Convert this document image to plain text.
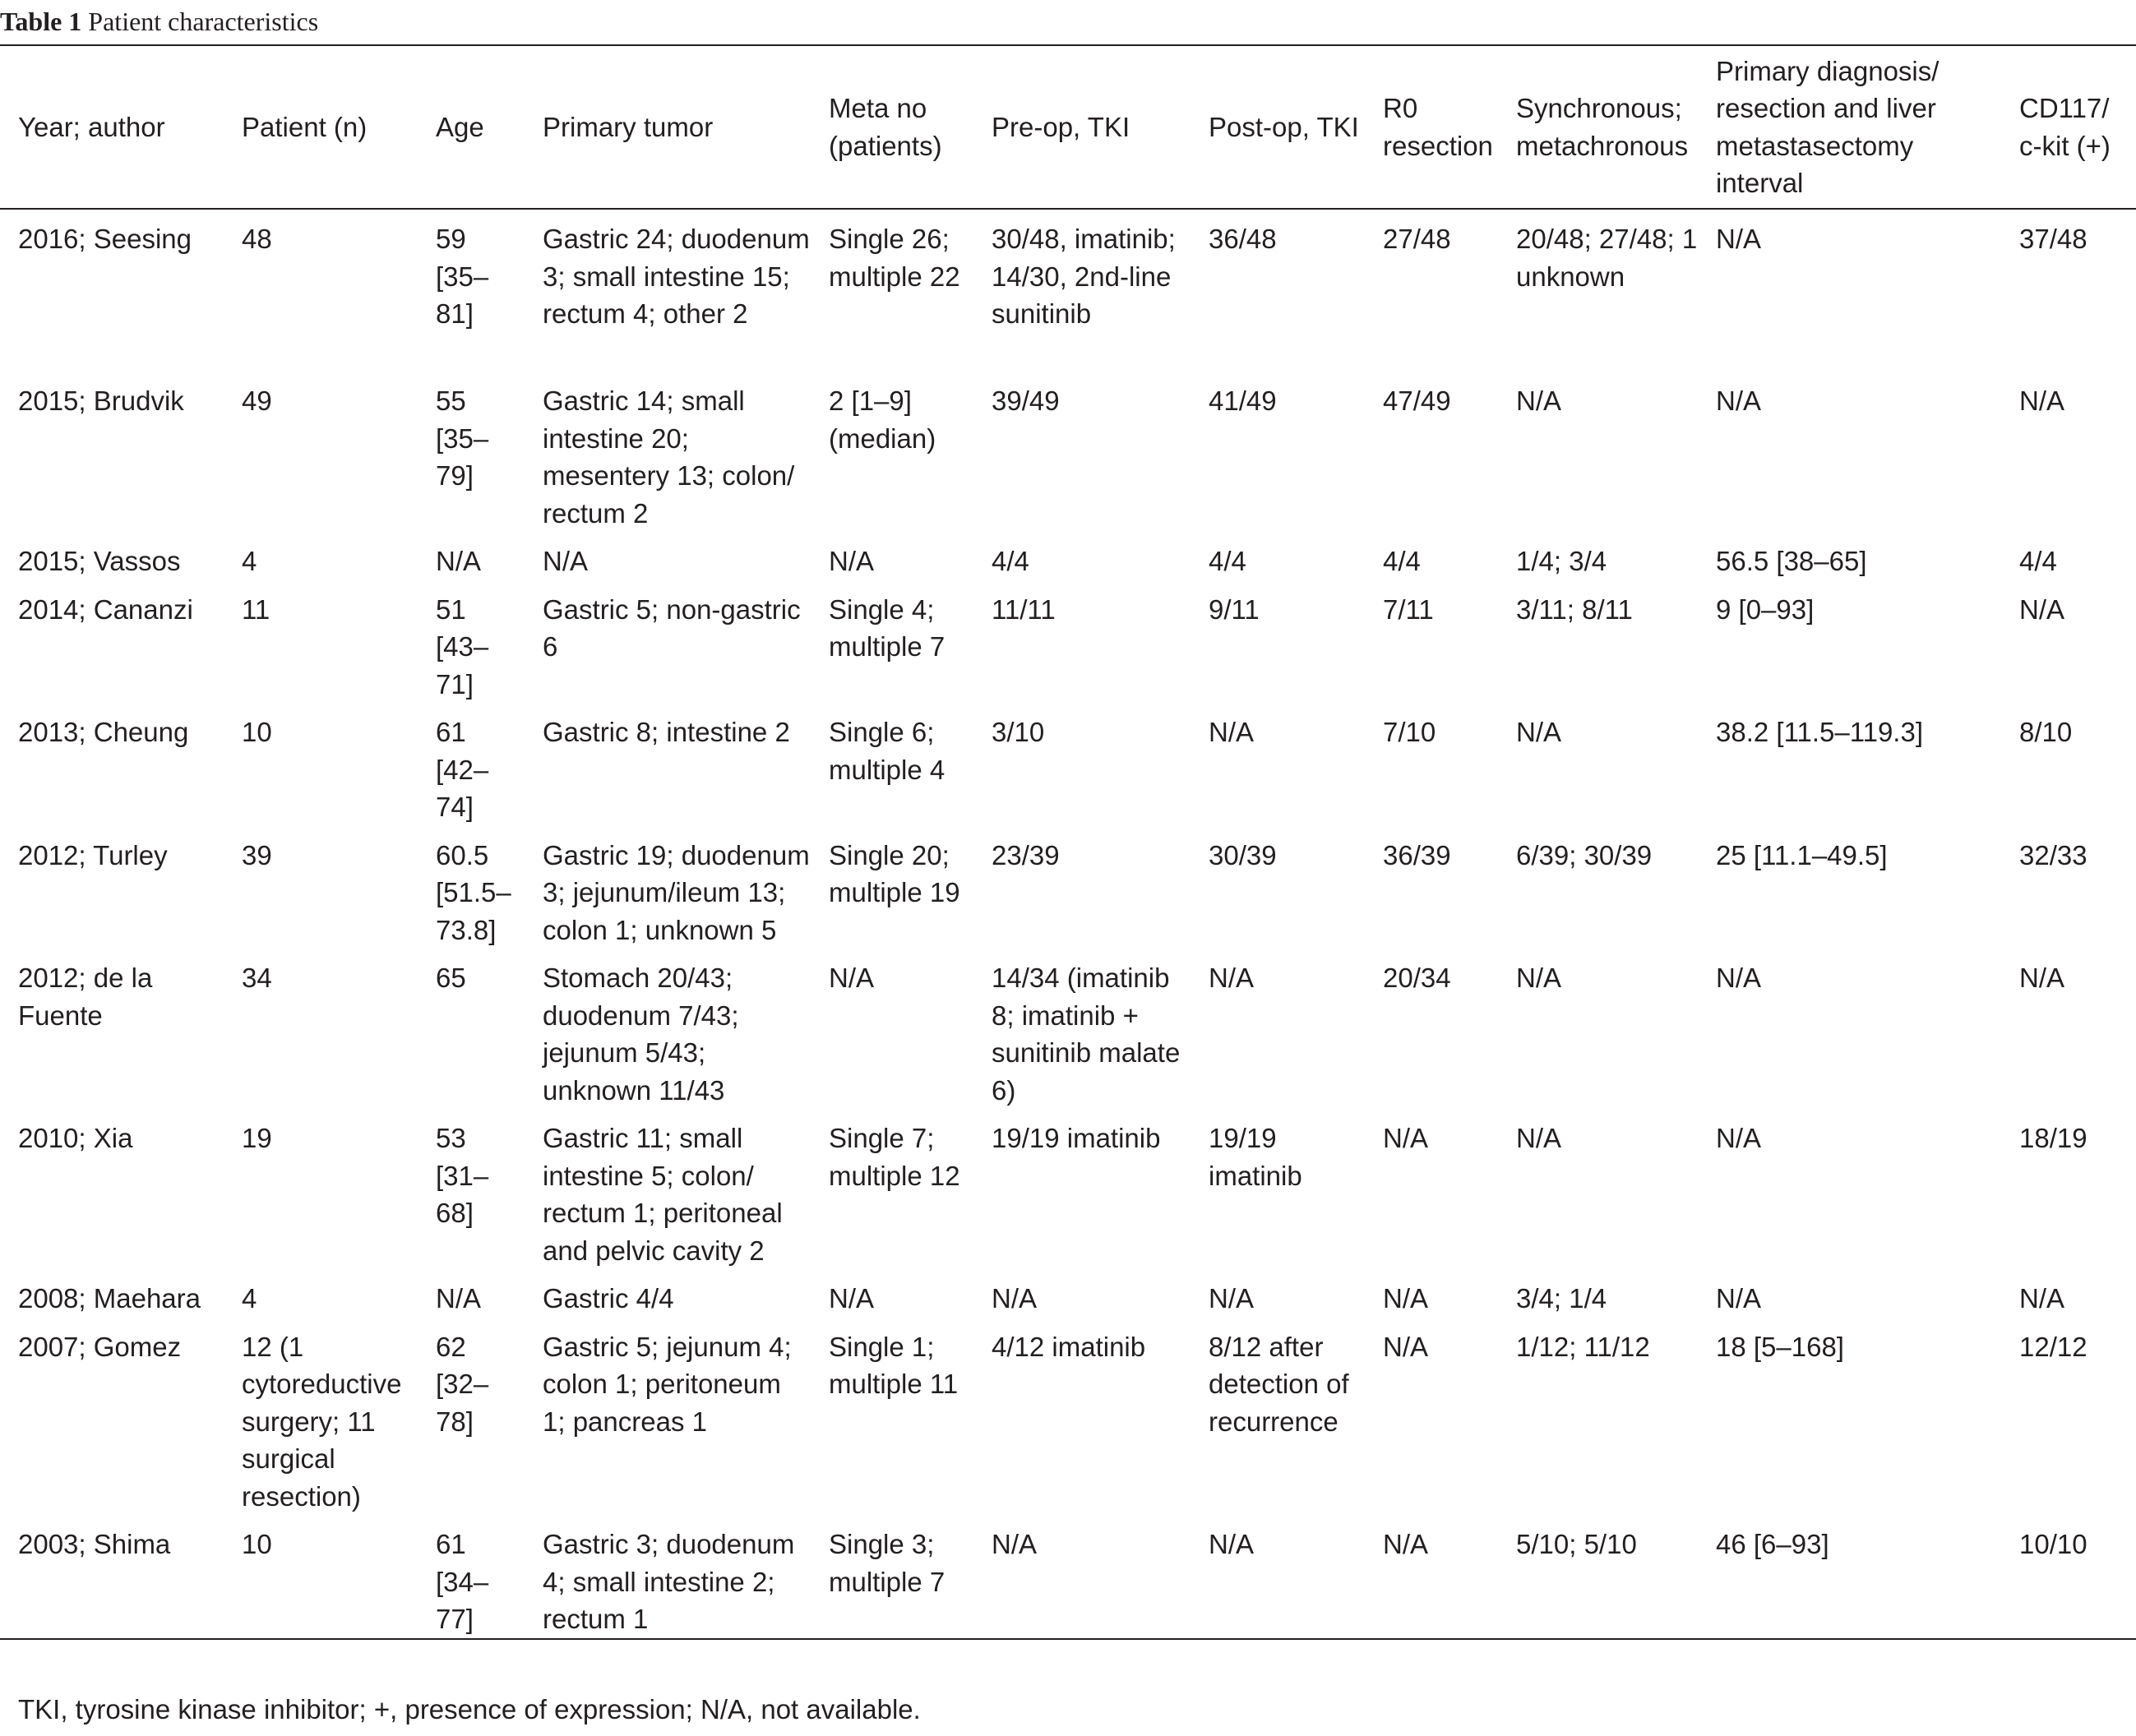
Table 1 Patient characteristics
Year; author	Patient (n)	Age	Primary tumor	Meta no (patients)	Pre-op, TKI	Post-op, TKI	R0 resection	Synchronous; metachronous	Primary diagnosis/ resection and liver metastasectomy interval	CD117/ c-kit (+)
2016; Seesing	48	59 [35–81]	Gastric 24; duodenum 3; small intestine 15; rectum 4; other 2	Single 26; multiple 22	30/48, imatinib; 14/30, 2nd-line sunitinib	36/48	27/48	20/48; 27/48; 1 unknown	N/A	37/48
2015; Brudvik	49	55 [35–79]	Gastric 14; small intestine 20; mesentery 13; colon/ rectum 2	2 [1–9] (median)	39/49	41/49	47/49	N/A	N/A	N/A
2015; Vassos	4	N/A	N/A	N/A	4/4	4/4	4/4	1/4; 3/4	56.5 [38–65]	4/4
2014; Cananzi	11	51 [43–71]	Gastric 5; non-gastric 6	Single 4; multiple 7	11/11	9/11	7/11	3/11; 8/11	9 [0–93]	N/A
2013; Cheung	10	61 [42–74]	Gastric 8; intestine 2	Single 6; multiple 4	3/10	N/A	7/10	N/A	38.2 [11.5–119.3]	8/10
2012; Turley	39	60.5 [51.5–73.8]	Gastric 19; duodenum 3; jejunum/ileum 13; colon 1; unknown 5	Single 20; multiple 19	23/39	30/39	36/39	6/39; 30/39	25 [11.1–49.5]	32/33
2012; de la Fuente	34	65	Stomach 20/43; duodenum 7/43; jejunum 5/43; unknown 11/43	N/A	14/34 (imatinib 8; imatinib + sunitinib malate 6)	N/A	20/34	N/A	N/A	N/A
2010; Xia	19	53 [31–68]	Gastric 11; small intestine 5; colon/ rectum 1; peritoneal and pelvic cavity 2	Single 7; multiple 12	19/19 imatinib	19/19 imatinib	N/A	N/A	N/A	18/19
2008; Maehara	4	N/A	Gastric 4/4	N/A	N/A	N/A	N/A	3/4; 1/4	N/A	N/A
2007; Gomez	12 (1 cytoreductive surgery; 11 surgical resection)	62 [32–78]	Gastric 5; jejunum 4; colon 1; peritoneum 1; pancreas 1	Single 1; multiple 11	4/12 imatinib	8/12 after detection of recurrence	N/A	1/12; 11/12	18 [5–168]	12/12
2003; Shima	10	61 [34–77]	Gastric 3; duodenum 4; small intestine 2; rectum 1	Single 3; multiple 7	N/A	N/A	N/A	5/10; 5/10	46 [6–93]	10/10
TKI, tyrosine kinase inhibitor; +, presence of expression; N/A, not available.
